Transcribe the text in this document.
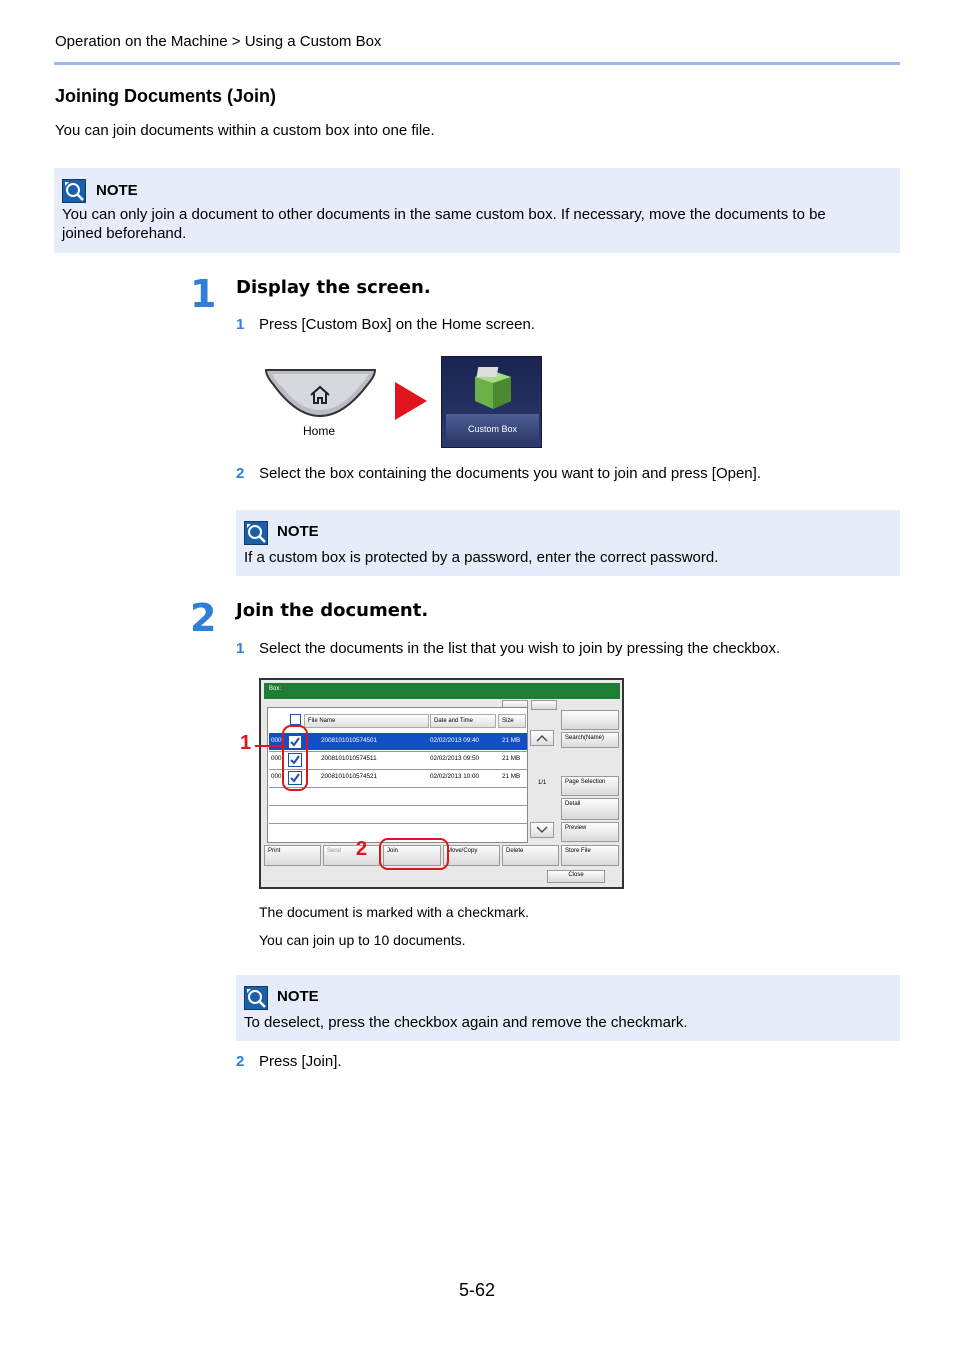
Operation on the Machine > Using a Custom Box
Joining Documents (Join)
You can join documents within a custom box into one file.
NOTE
You can only join a document to other documents in the same custom box. If necessary, move the documents to be
joined beforehand.
1 Display the screen.
1 Press [Custom Box] on the Home screen.
Home	Custom Box
2 Select the box containing the documents you want to join and press [Open].
NOTE
If a custom box is protected by a password, enter the correct password.
2 Join the document.
1 Select the documents in the list that you wish to join by pressing the checkbox.
Box:
File Name	Date and Time	Size
000	2008101010574501	02/02/2013 09:40	21 MB
000	2008101010574511	02/02/2013 09:50	21 MB
000	2008101010574521	02/02/2013 10:00	21 MB
1/1
Search(Name)
Page Selection
Detail
Preview
Print	Send	Join	Move/Copy	Delete	Store File
Close
1
2
The document is marked with a checkmark.
You can join up to 10 documents.
NOTE
To deselect, press the checkbox again and remove the checkmark.
2 Press [Join].
5-62
